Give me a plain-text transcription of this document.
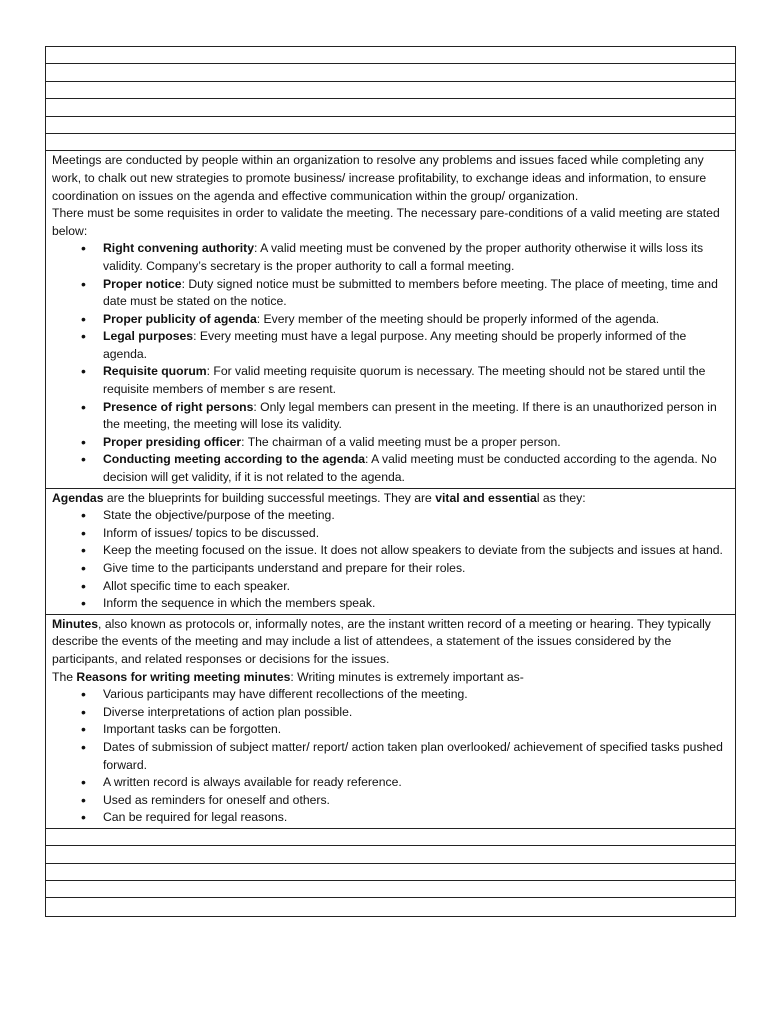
Meetings are conducted by people within an organization to resolve any problems and issues faced while completing any work, to chalk out new strategies to promote business/ increase profitability, to exchange ideas and information, to ensure coordination on issues on the agenda and effective communication within the group/ organization.

There must be some requisites in order to validate the meeting. The necessary pare-conditions of a valid meeting are stated below:

• Right convening authority: A valid meeting must be convened by the proper authority otherwise it wills loss its validity. Company’s secretary is the proper authority to call a formal meeting.
• Proper notice: Duty signed notice must be submitted to members before meeting. The place of meeting, time and date must be stated on the notice.
• Proper publicity of agenda: Every member of the meeting should be properly informed of the agenda.
• Legal purposes: Every meeting must have a legal purpose. Any meeting should be properly informed of the agenda.
• Requisite quorum: For valid meeting requisite quorum is necessary. The meeting should not be stared until the requisite members of member s are resent.
• Presence of right persons: Only legal members can present in the meeting. If there is an unauthorized person in the meeting, the meeting will lose its validity.
• Proper presiding officer: The chairman of a valid meeting must be a proper person.
• Conducting meeting according to the agenda: A valid meeting must be conducted according to the agenda. No decision will get validity, if it is not related to the agenda.

Agendas are the blueprints for building successful meetings. They are vital and essential as they:

• State the objective/purpose of the meeting.
• Inform of issues/ topics to be discussed.
• Keep the meeting focused on the issue. It does not allow speakers to deviate from the subjects and issues at hand.
• Give time to the participants understand and prepare for their roles.
• Allot specific time to each speaker.
• Inform the sequence in which the members speak.

Minutes, also known as protocols or, informally notes, are the instant written record of a meeting or hearing. They typically describe the events of the meeting and may include a list of attendees, a statement of the issues considered by the participants, and related responses or decisions for the issues.

The Reasons for writing meeting minutes: Writing minutes is extremely important as-

• Various participants may have different recollections of the meeting.
• Diverse interpretations of action plan possible.
• Important tasks can be forgotten.
• Dates of submission of subject matter/ report/ action taken plan overlooked/ achievement of specified tasks pushed forward.
• A written record is always available for ready reference.
• Used as reminders for oneself and others.
• Can be required for legal reasons.
